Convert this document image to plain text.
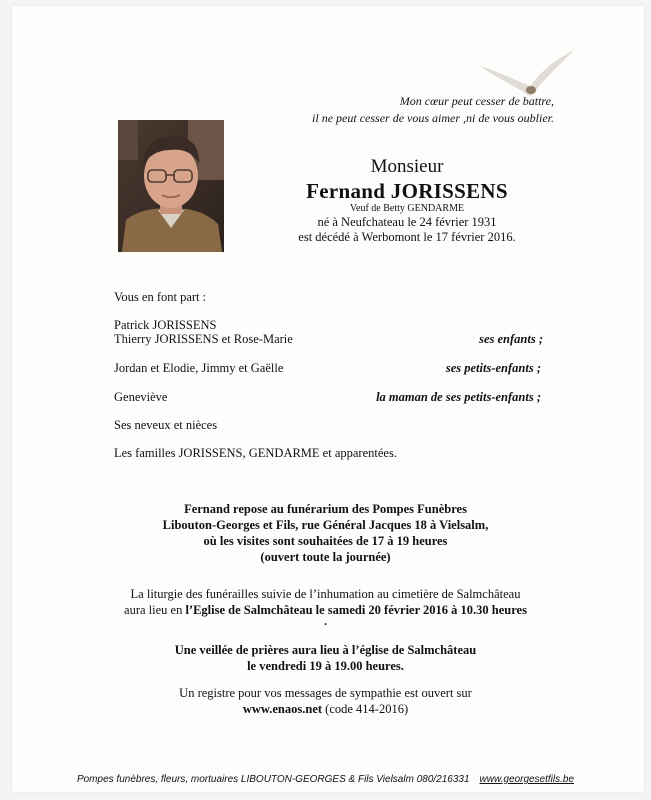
Mon cœur peut cesser de battre,
il ne peut cesser de vous aimer ,ni de vous oublier.
Monsieur
Fernand JORISSENS
Veuf de Betty GENDARME
né à Neufchateau le 24 février 1931
est décédé à Werbomont le 17 février 2016.
Vous en font part :
Patrick JORISSENS
Thierry JORISSENS et Rose-Marie	ses enfants ;
Jordan et Elodie, Jimmy et Gaëlle	ses petits-enfants ;
Geneviève	la maman de ses petits-enfants ;
Ses neveux et nièces
Les familles JORISSENS, GENDARME et apparentées.
Fernand repose au funérarium des Pompes Funèbres
Libouton-Georges et Fils, rue Général Jacques 18 à Vielsalm,
où les visites sont souhaitées de 17 à 19 heures
(ouvert toute la journée)
La liturgie des funérailles suivie de l’inhumation au cimetière de Salmchâteau
aura lieu en l’Eglise de Salmchâteau le samedi 20 février 2016 à 10.30 heures
·
Une veillée de prières aura lieu à l’église de Salmchâteau
le vendredi 19 à 19.00 heures.
Un registre pour vos messages de sympathie est ouvert sur
www.enaos.net (code 414-2016)
Pompes funèbres, fleurs, mortuaires LIBOUTON-GEORGES & Fils Vielsalm 080/216331 www.georgesetfils.be
